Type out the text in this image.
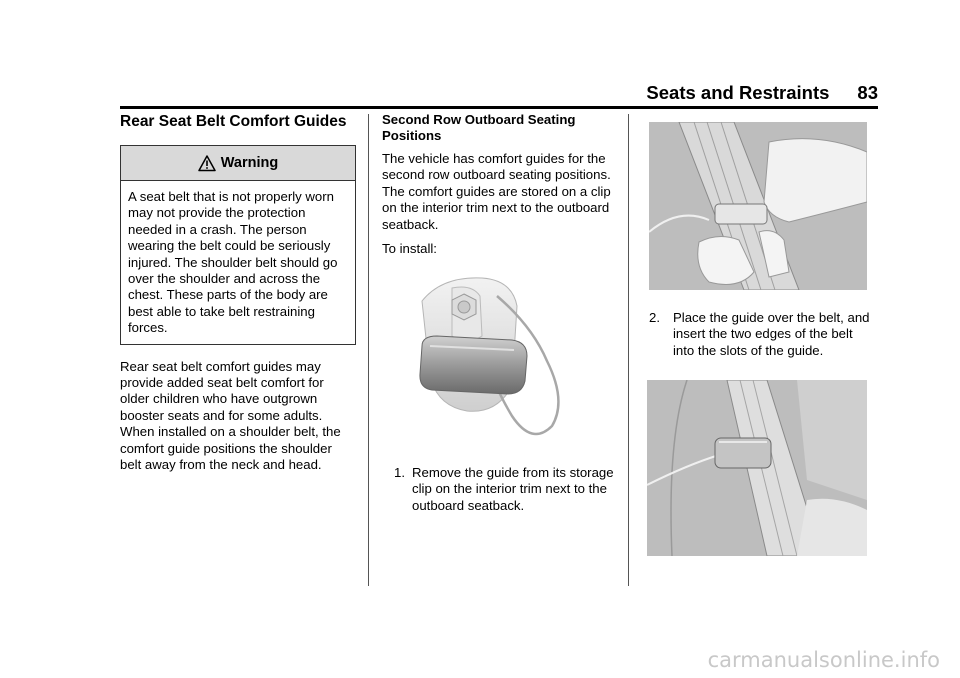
Seats and Restraints 83
Rear Seat Belt Comfort Guides
Warning
A seat belt that is not properly worn may not provide the protection needed in a crash. The person wearing the belt could be seriously injured. The shoulder belt should go over the shoulder and across the chest. These parts of the body are best able to take belt restraining forces.

Rear seat belt comfort guides may provide added seat belt comfort for older children who have outgrown booster seats and for some adults. When installed on a shoulder belt, the comfort guide positions the shoulder belt away from the neck and head.

Second Row Outboard Seating Positions

The vehicle has comfort guides for the second row outboard seating positions. The comfort guides are stored on a clip on the interior trim next to the outboard seatback.

To install:

1. Remove the guide from its storage clip on the interior trim next to the outboard seatback.
2. Place the guide over the belt, and insert the two edges of the belt into the slots of the guide.
carmanualsonline.info
